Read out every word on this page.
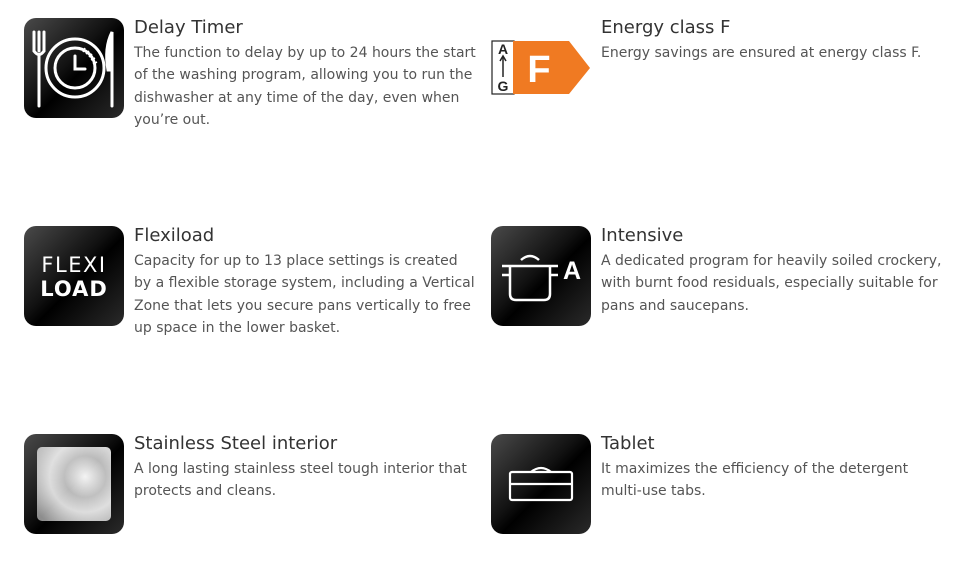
Delay Timer

The function to delay by up to 24 hours the start of the washing program, allowing you to run the dishwasher at any time of the day, even when you’re out.

A
G F
Energy class F

Energy savings are ensured at energy class F.

FLEXI
LOAD
Flexiload

Capacity for up to 13 place settings is created by a flexible storage system, including a Vertical Zone that lets you secure pans vertically to free up space in the lower basket.

A
Intensive

A dedicated program for heavily soiled crockery, with burnt food residuals, especially suitable for pans and saucepans.

Stainless Steel interior

A long lasting stainless steel tough interior that protects and cleans.

Tablet

It maximizes the efficiency of the detergent multi-use tabs.
